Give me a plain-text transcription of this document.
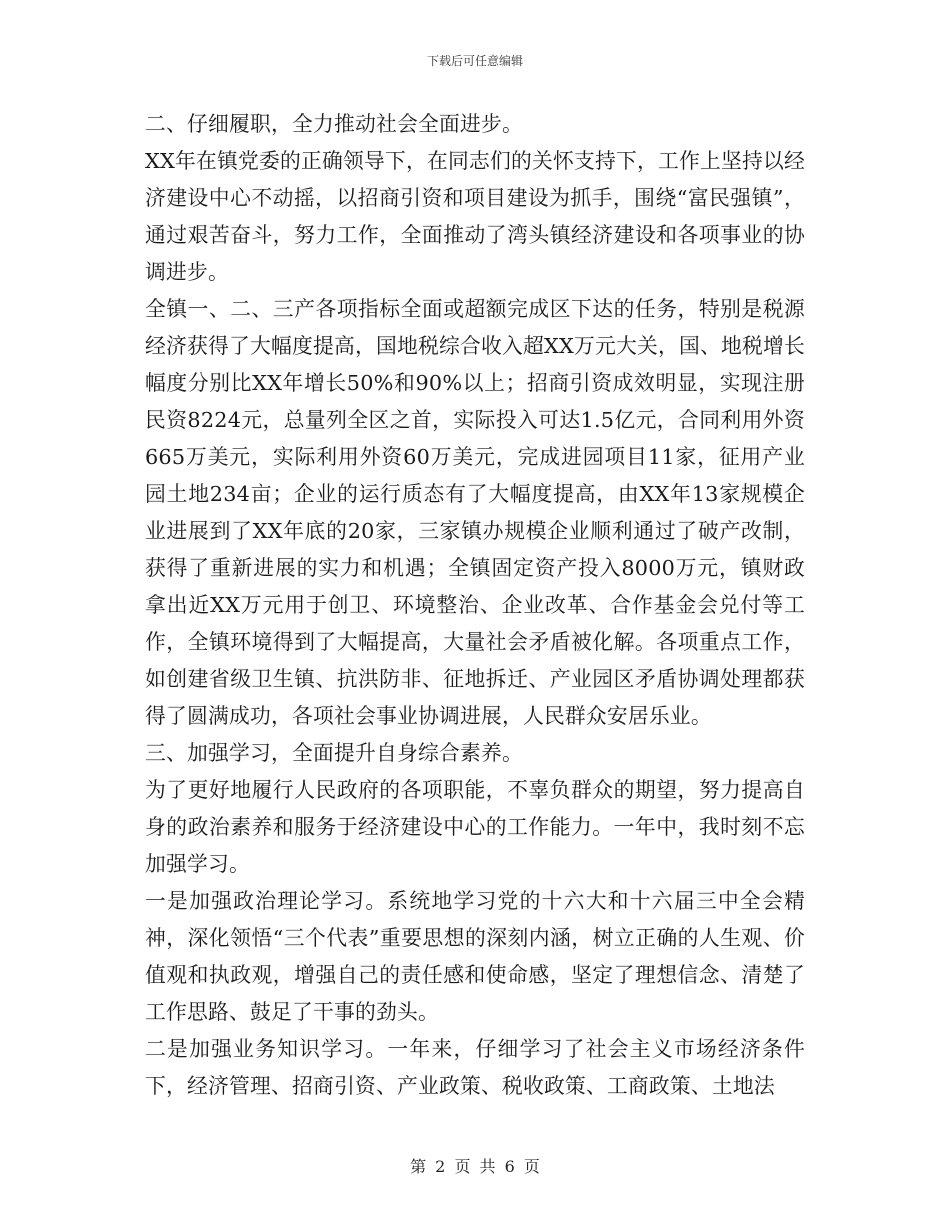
下载后可任意编辑

二、仔细履职，全力推动社会全面进步。

XX年在镇党委的正确领导下，在同志们的关怀支持下，工作上坚持以经济建设中心不动摇，以招商引资和项目建设为抓手，围绕“富民强镇”，通过艰苦奋斗，努力工作，全面推动了湾头镇经济建设和各项事业的协调进步。

全镇一、二、三产各项指标全面或超额完成区下达的任务，特别是税源经济获得了大幅度提高，国地税综合收入超XX万元大关，国、地税增长幅度分别比XX年增长50%和90%以上；招商引资成效明显，实现注册民资8224元，总量列全区之首，实际投入可达1.5亿元，合同利用外资665万美元，实际利用外资60万美元，完成进园项目11家，征用产业园土地234亩；企业的运行质态有了大幅度提高，由XX年13家规模企业进展到了XX年底的20家，三家镇办规模企业顺利通过了破产改制，获得了重新进展的实力和机遇；全镇固定资产投入8000万元，镇财政拿出近XX万元用于创卫、环境整治、企业改革、合作基金会兑付等工作，全镇环境得到了大幅提高，大量社会矛盾被化解。各项重点工作，如创建省级卫生镇、抗洪防非、征地拆迁、产业园区矛盾协调处理都获得了圆满成功，各项社会事业协调进展，人民群众安居乐业。

三、加强学习，全面提升自身综合素养。

为了更好地履行人民政府的各项职能，不辜负群众的期望，努力提高自身的政治素养和服务于经济建设中心的工作能力。一年中，我时刻不忘加强学习。

一是加强政治理论学习。系统地学习党的十六大和十六届三中全会精神，深化领悟“三个代表”重要思想的深刻内涵，树立正确的人生观、价值观和执政观，增强自己的责任感和使命感，坚定了理想信念、清楚了工作思路、鼓足了干事的劲头。

二是加强业务知识学习。一年来，仔细学习了社会主义市场经济条件下，经济管理、招商引资、产业政策、税收政策、工商政策、土地法

第 2 页 共 6 页
